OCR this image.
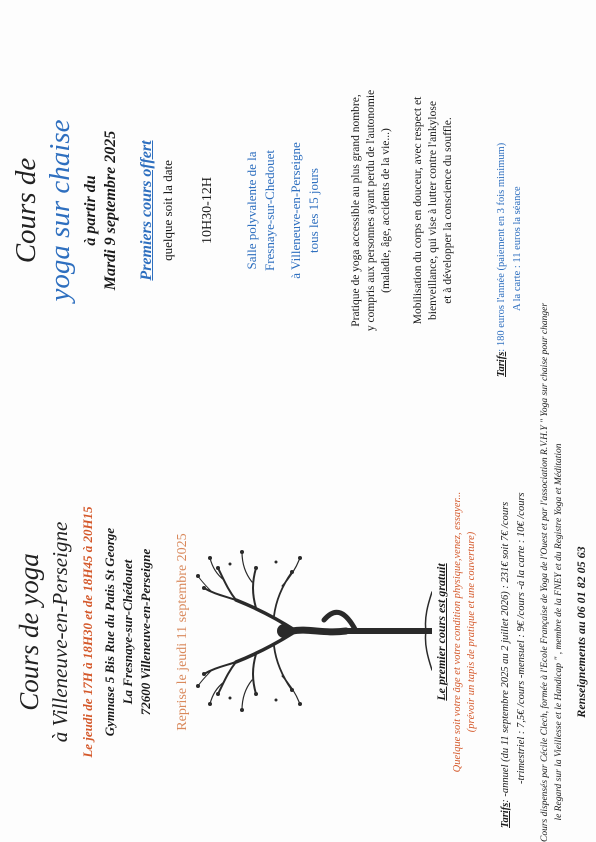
Cours de yoga à Villeneuve-en-Perseigne Le jeudi de 17H à 18H30 et de 18H45 à 20H15 Gymnase 5 Bis Rue du Patis St George La Fresnaye-sur-Chédouet 72600 Villeneuve-en-Perseigne Reprise le jeudi 11 septembre 2025	Le premier cours est gratuit Quelque soit votre âge et votre condition physique,venez, essayer... (prévoir un tapis de pratique et une couverture)
Tarifs: -annuel (du 11 septembre 2025 au 2 juillet 2026) : 231€ soit 7€ /cours -trimestriel : 7,5€ /cours -mensuel : 9€ /cours -à la carte : 10€ /cours Cours dispensés par Cécile Clech, formée à l'Ecole Française de Yoga de l'Ouest et par l'association R.V.H.Y " Yoga sur chaise pour changer le Regard sur la Vieillesse et le Handicap " , membre de la FNEY et du Registre Yoga et Méditation Renseignements au 06 01 82 05 63
Cours de yoga sur chaise à partir du Mardi 9 septembre 2025 Premiers cours offert quelque soit la date 10H30-12H Salle polyvalente de la Fresnaye-sur-Chedouet à Villeneuve-en-Perseigne tous les 15 jours	Pratique de yoga accessible au plus grand nombre, y compris aux personnes ayant perdu de l'autonomie (maladie, âge, accidents de la vie...) Mobilisation du corps en douceur, avec respect et bienveillance, qui vise à lutter contre l'ankylose et à développer la conscience du souffle.
Tarifs: 180 euros l'année (paiement en 3 fois minimum) A la carte : 11 euros la séance
